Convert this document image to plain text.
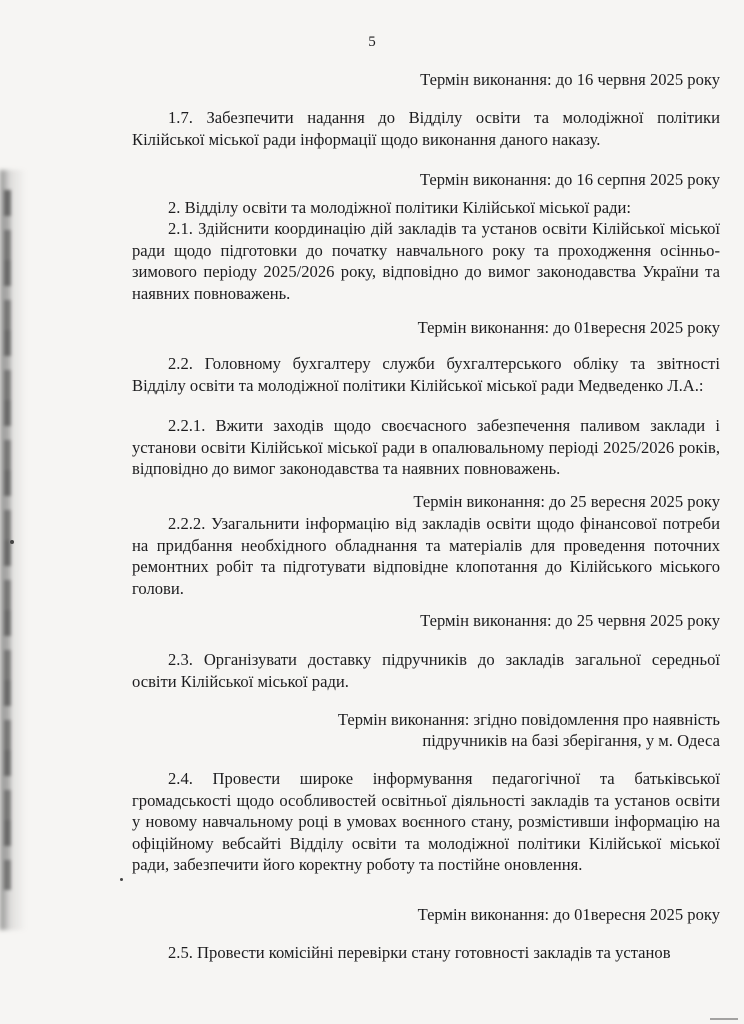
5
Термін виконання: до 16 червня 2025 року
1.7. Забезпечити надання до Відділу освіти та молодіжної політики Кілійської міської ради інформації щодо виконання даного наказу.
Термін виконання: до 16 серпня 2025 року
2. Відділу освіти та молодіжної політики Кілійської міської ради:
2.1. Здійснити координацію дій закладів та установ освіти Кілійської міської ради щодо підготовки до початку навчального року та проходження осінньо-зимового періоду 2025/2026 року, відповідно до вимог законодавства України та наявних повноважень.
Термін виконання: до 01вересня 2025 року
2.2. Головному бухгалтеру служби бухгалтерського обліку та звітності Відділу освіти та молодіжної політики Кілійської міської ради Медведенко Л.А.:
2.2.1. Вжити заходів щодо своєчасного забезпечення паливом заклади і установи освіти Кілійської міської ради в опалювальному періоді 2025/2026 років, відповідно до вимог законодавства та наявних повноважень.
Термін виконання: до 25 вересня 2025 року
2.2.2. Узагальнити інформацію від закладів освіти щодо фінансової потреби на придбання необхідного обладнання та матеріалів для проведення поточних ремонтних робіт та підготувати відповідне клопотання до Кілійського міського голови.
Термін виконання: до 25 червня 2025 року
2.3. Організувати доставку підручників до закладів загальної середньої освіти Кілійської міської ради.
Термін виконання: згідно повідомлення про наявність
підручників на базі зберігання, у м. Одеса
2.4. Провести широке інформування педагогічної та батьківської громадськості щодо особливостей освітньої діяльності закладів та установ освіти у новому навчальному році в умовах воєнного стану, розмістивши інформацію на офіційному вебсайті Відділу освіти та молодіжної політики Кілійської міської ради, забезпечити його коректну роботу та постійне оновлення.
Термін виконання: до 01вересня 2025 року
2.5. Провести комісійні перевірки стану готовності закладів та установ
